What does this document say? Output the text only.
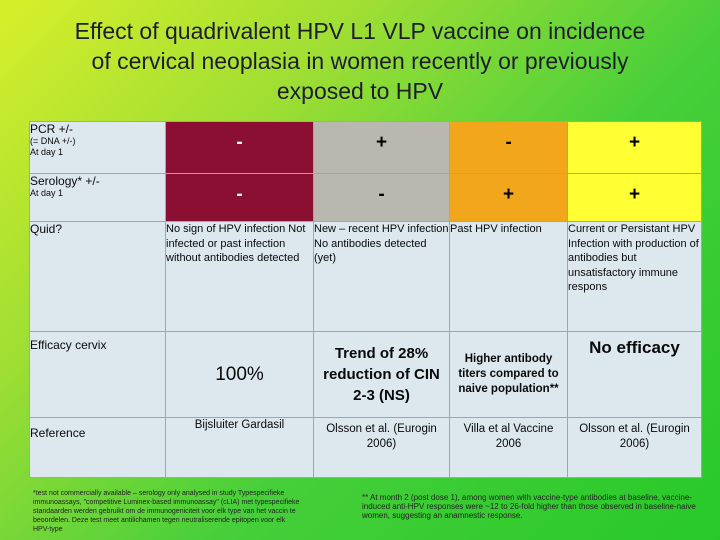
Effect of quadrivalent HPV L1 VLP vaccine on incidence
of cervical neoplasia in women recently or previously
exposed to HPV
PCR +/-
(= DNA +/-)
At day 1	-	+	-	+

Serology* +/-
At day 1	-	-	+	+

Quid?	No sign of HPV infection Not infected or past infection without antibodies detected	New – recent HPV infection No antibodies detected (yet)	Past HPV infection	Current or Persistant HPV Infection with production of antibodies but unsatisfactory immune respons

Efficacy cervix	100%	Trend of 28% reduction of CIN 2-3 (NS)	Higher antibody titers compared to naive population**	No efficacy

Reference	Bijsluiter Gardasil	Olsson et al. (Eurogin 2006)	Villa et al Vaccine 2006	Olsson et al. (Eurogin 2006)
*test not commercially available – serology only analysed in study Typespecifieke immunoassays, "competitive Luminex-based immunoassay" (cLIA) met typespecifieke standaarden werden gebruikt om de immunogeniciteit voor elk type van het vaccin te beoordelen. Deze test meet antilichamen tegen neutraliserende epitopen voor elk HPV-type
** At month 2 (post dose 1), among women with vaccine-type antibodies at baseline, vaccine-induced anti-HPV responses were ~12 to 26-fold higher than those observed in baseline-naive women, suggesting an anamnestic response.
